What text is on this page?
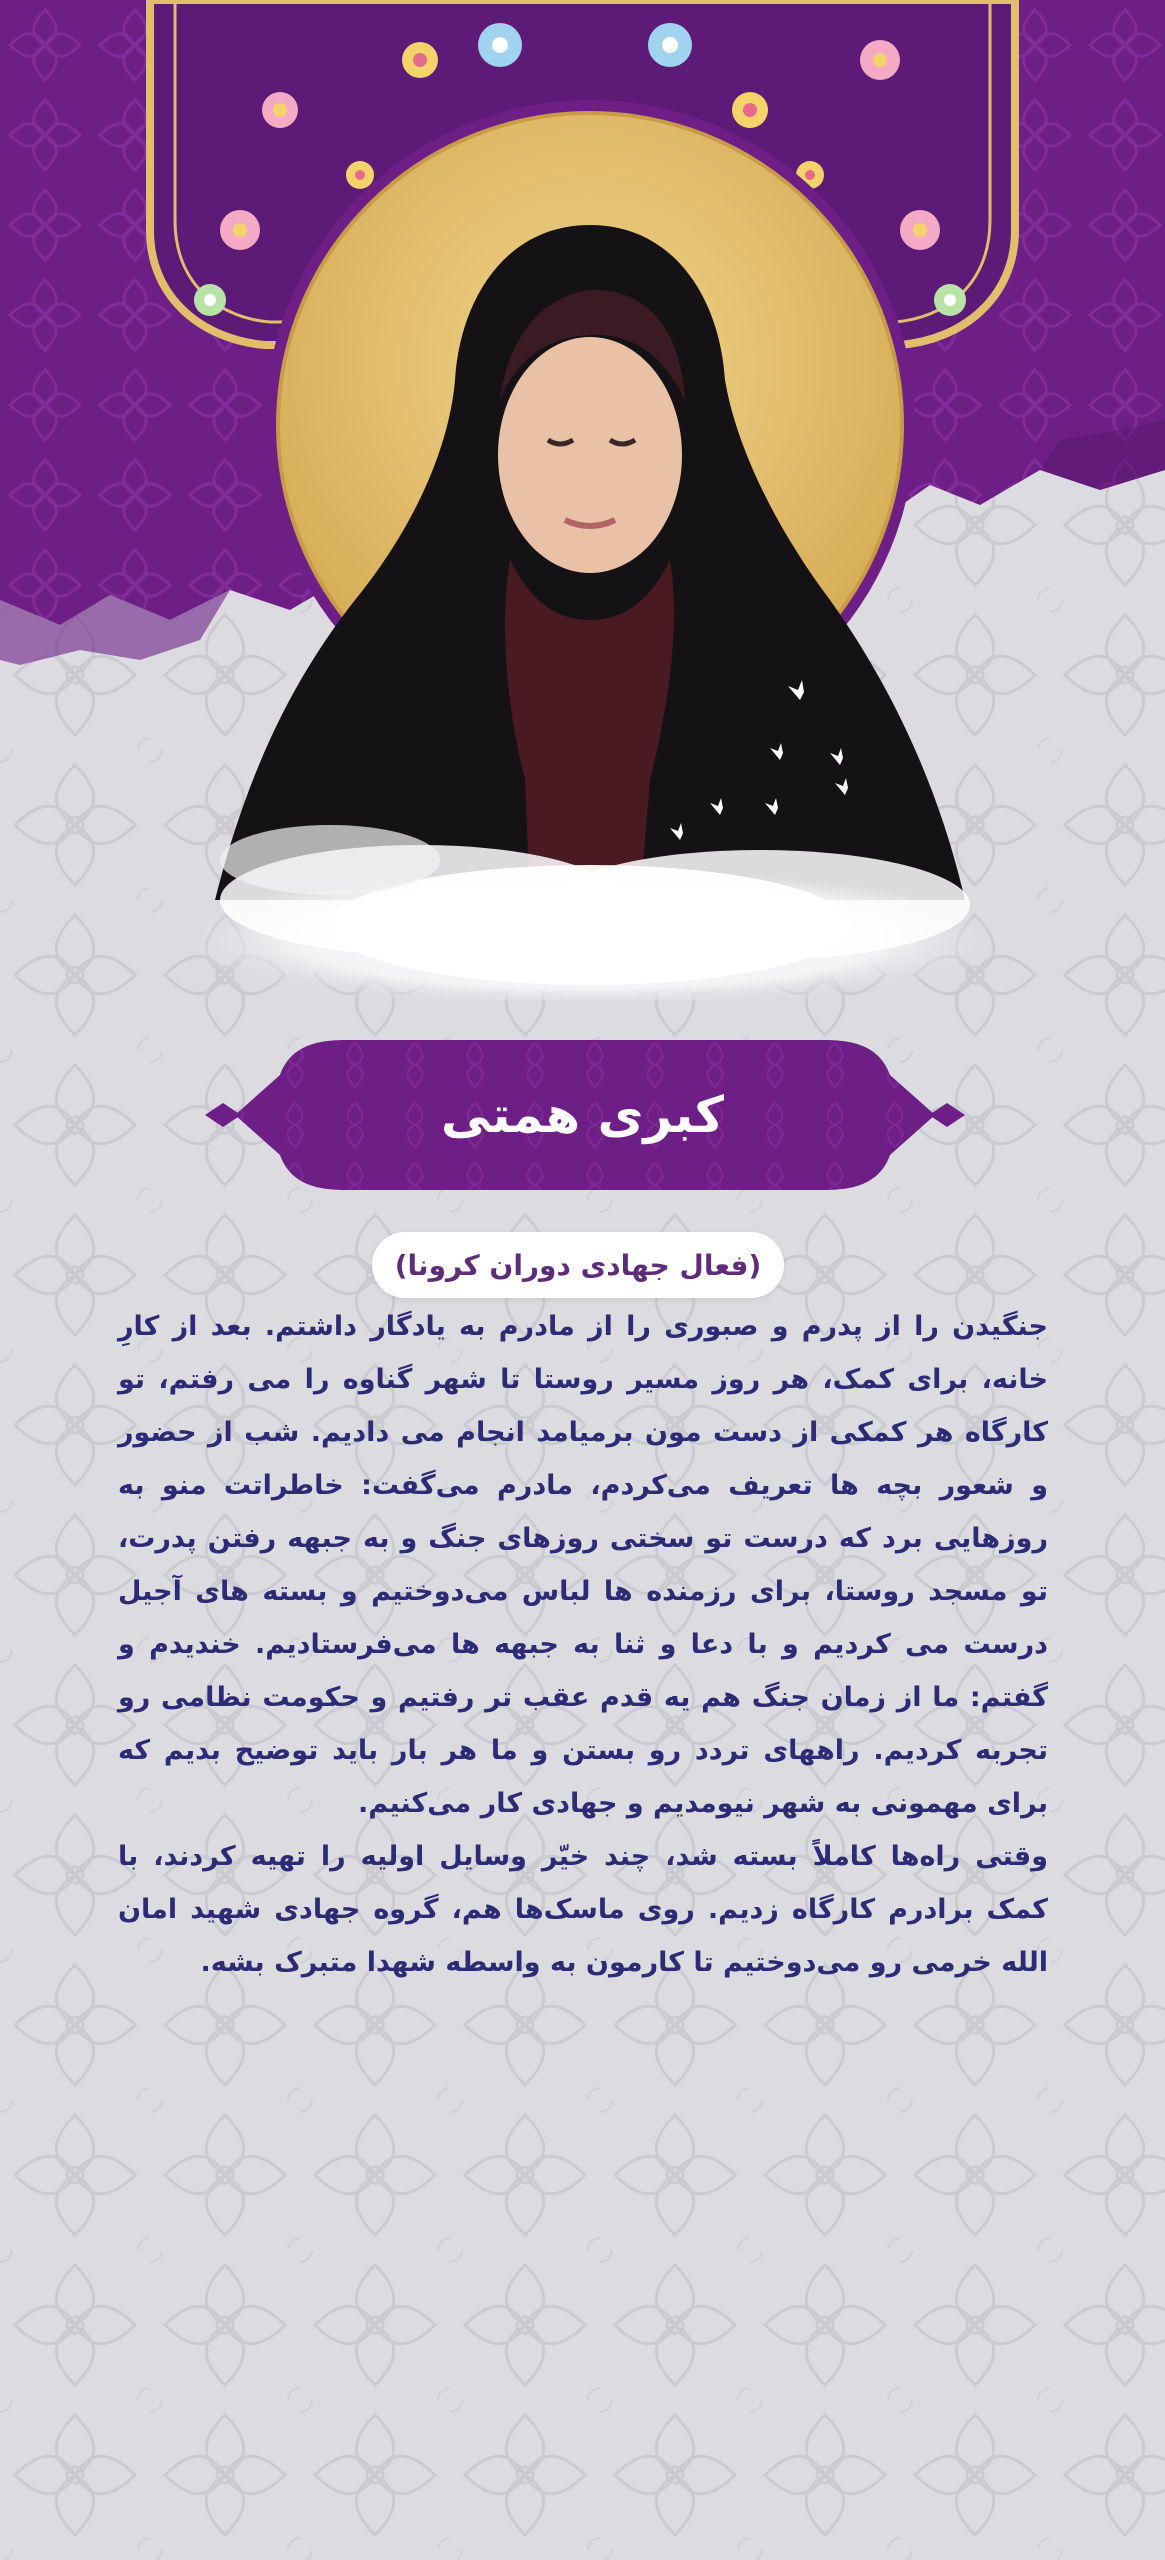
کبری همتی
(فعال جهادی دوران کرونا)

جنگیدن را از پدرم و صبوری را از مادرم به یادگار داشتم. بعد از کارِ خانه، برای کمک، هر روز مسیر روستا تا شهر گناوه را می رفتم، تو کارگاه هر کمکی از دست مون برمیامد انجام می دادیم. شب از حضور و شعور بچه ها تعریف می‌کردم، مادرم می‌گفت: خاطراتت منو به روزهایی برد که درست تو سختی روزهای جنگ و به جبهه رفتن پدرت، تو مسجد روستا، برای رزمنده ها لباس می‌دوختیم و بسته های آجیل درست می کردیم و با دعا و ثنا به جبهه ها می‌فرستادیم. خندیدم و گفتم: ما از زمان جنگ هم یه قدم عقب تر رفتیم و حکومت نظامی رو تجربه کردیم. راههای تردد رو بستن و ما هر بار باید توضیح بدیم که برای مهمونی به شهر نیومدیم و جهادی کار می‌کنیم.

وقتی راه‌ها کاملاً بسته شد، چند خیّر وسایل اولیه را تهیه کردند، با کمک برادرم کارگاه زدیم. روی ماسک‌ها هم، گروه جهادی شهید امان الله خرمی رو می‌دوختیم تا کارمون به واسطه شهدا متبرک بشه.
